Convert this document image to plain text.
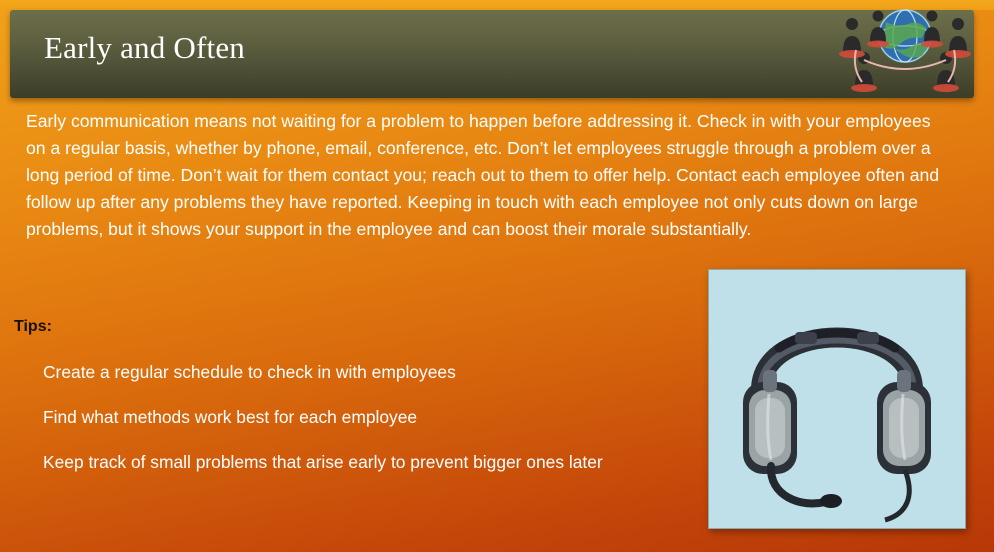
Early and Often
Early communication means not waiting for a problem to happen before addressing it. Check in with your employees on a regular basis, whether by phone, email, conference, etc. Don’t let employees struggle through a problem over a long period of time. Don’t wait for them contact you; reach out to them to offer help. Contact each employee often and follow up after any problems they have reported. Keeping in touch with each employee not only cuts down on large problems, but it shows your support in the employee and can boost their morale substantially.
Tips:
Create a regular schedule to check in with employees
Find what methods work best for each employee
Keep track of small problems that arise early to prevent bigger ones later
